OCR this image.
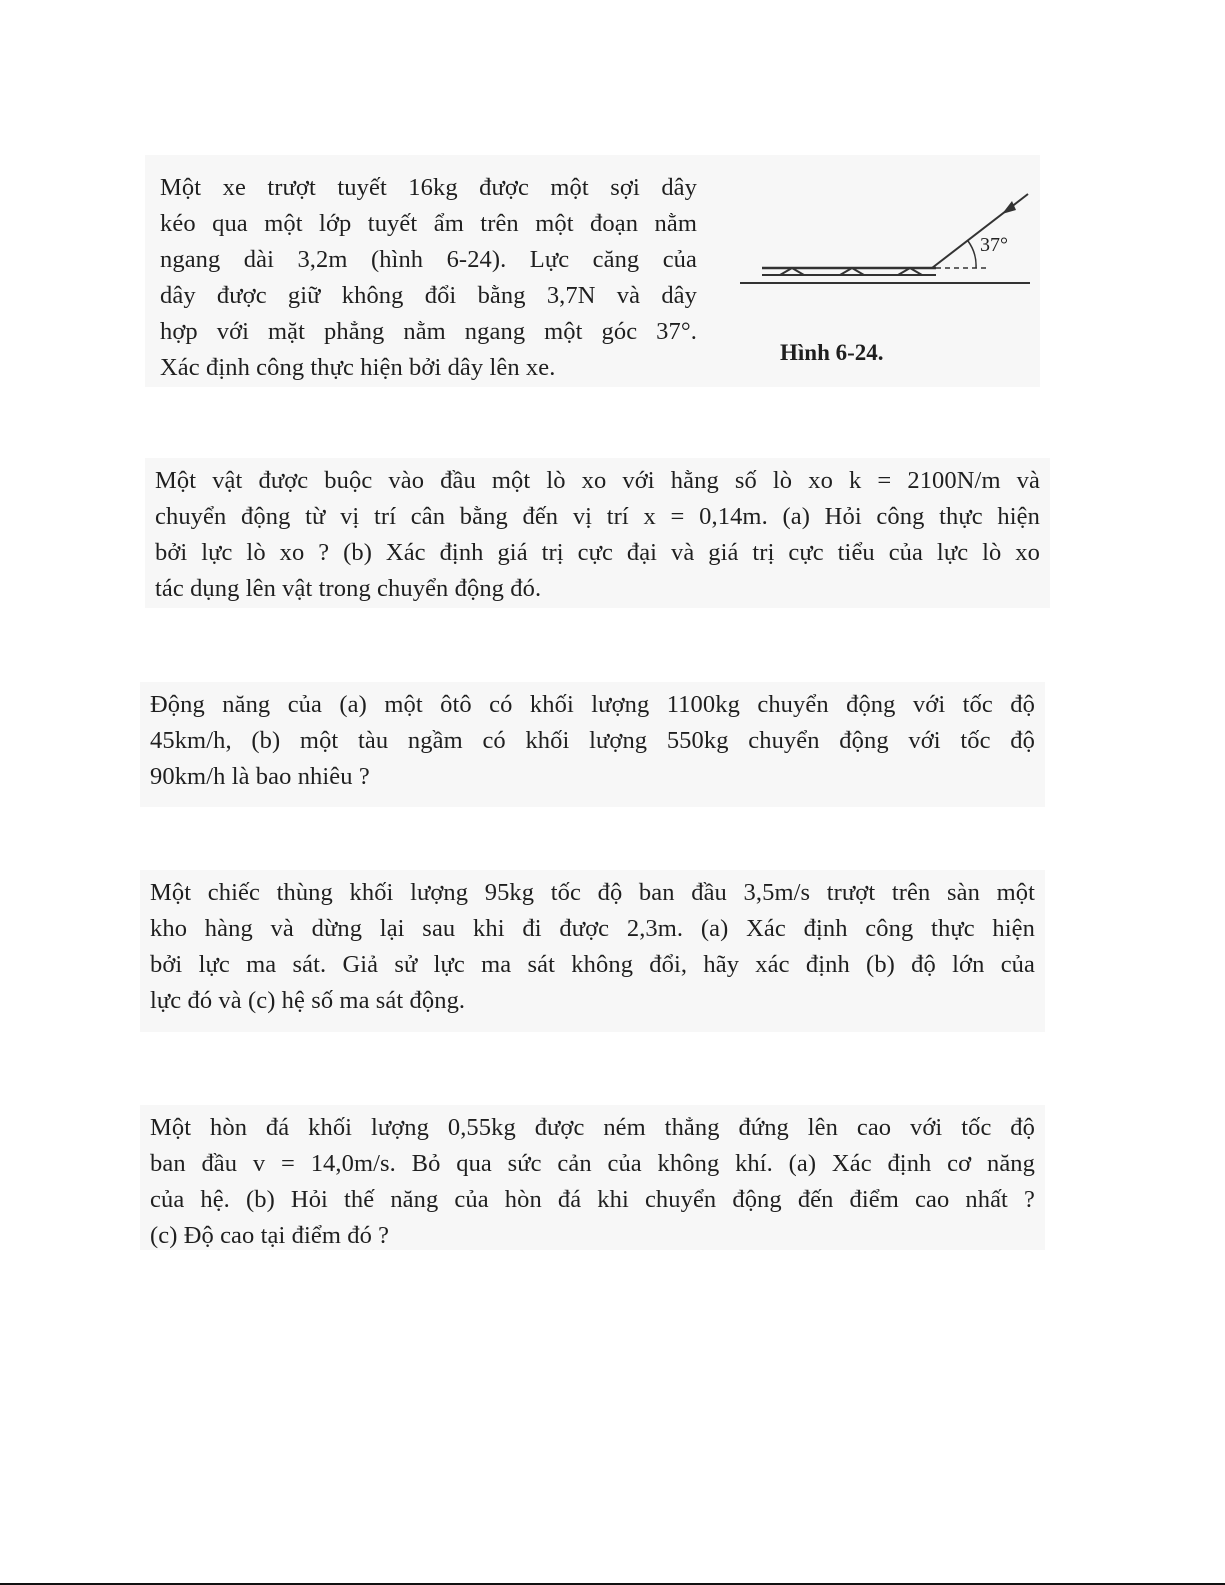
Một xe trượt tuyết 16kg được một sợi dây
kéo qua một lớp tuyết ẩm trên một đoạn nằm
ngang dài 3,2m (hình 6-24). Lực căng của
dây được giữ không đổi bằng 3,7N và dây
hợp với mặt phẳng nằm ngang một góc 37°.
Xác định công thực hiện bởi dây lên xe.

37°
Hình 6-24.

Một vật được buộc vào đầu một lò xo với hằng số lò xo k = 2100N/m và
chuyển động từ vị trí cân bằng đến vị trí x = 0,14m. (a) Hỏi công thực hiện
bởi lực lò xo ? (b) Xác định giá trị cực đại và giá trị cực tiểu của lực lò xo
tác dụng lên vật trong chuyển động đó.

Động năng của (a) một ôtô có khối lượng 1100kg chuyển động với tốc độ
45km/h, (b) một tàu ngầm có khối lượng 550kg chuyển động với tốc độ
90km/h là bao nhiêu ?

Một chiếc thùng khối lượng 95kg tốc độ ban đầu 3,5m/s trượt trên sàn một
kho hàng và dừng lại sau khi đi được 2,3m. (a) Xác định công thực hiện
bởi lực ma sát. Giả sử lực ma sát không đổi, hãy xác định (b) độ lớn của
lực đó và (c) hệ số ma sát động.

Một hòn đá khối lượng 0,55kg được ném thẳng đứng lên cao với tốc độ
ban đầu v = 14,0m/s. Bỏ qua sức cản của không khí. (a) Xác định cơ năng
của hệ. (b) Hỏi thế năng của hòn đá khi chuyển động đến điểm cao nhất ?
(c) Độ cao tại điểm đó ?
